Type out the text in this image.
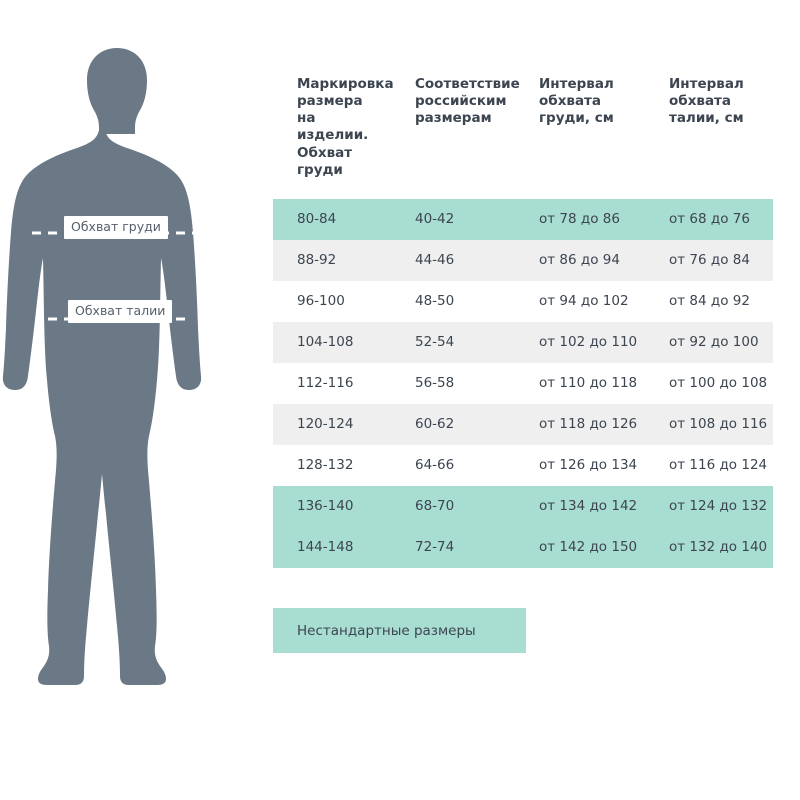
Обхват груди
Обхват талии
Маркировка размера на изделии. Обхват груди	Соответствие российским размерам	Интервал обхвата груди, см	Интервал обхвата талии, см
80-84	40-42	от 78 до 86	от 68 до 76
88-92	44-46	от 86 до 94	от 76 до 84
96-100	48-50	от 94 до 102	от 84 до 92
104-108	52-54	от 102 до 110	от 92 до 100
112-116	56-58	от 110 до 118	от 100 до 108
120-124	60-62	от 118 до 126	от 108 до 116
128-132	64-66	от 126 до 134	от 116 до 124
136-140	68-70	от 134 до 142	от 124 до 132
144-148	72-74	от 142 до 150	от 132 до 140
Нестандартные размеры
